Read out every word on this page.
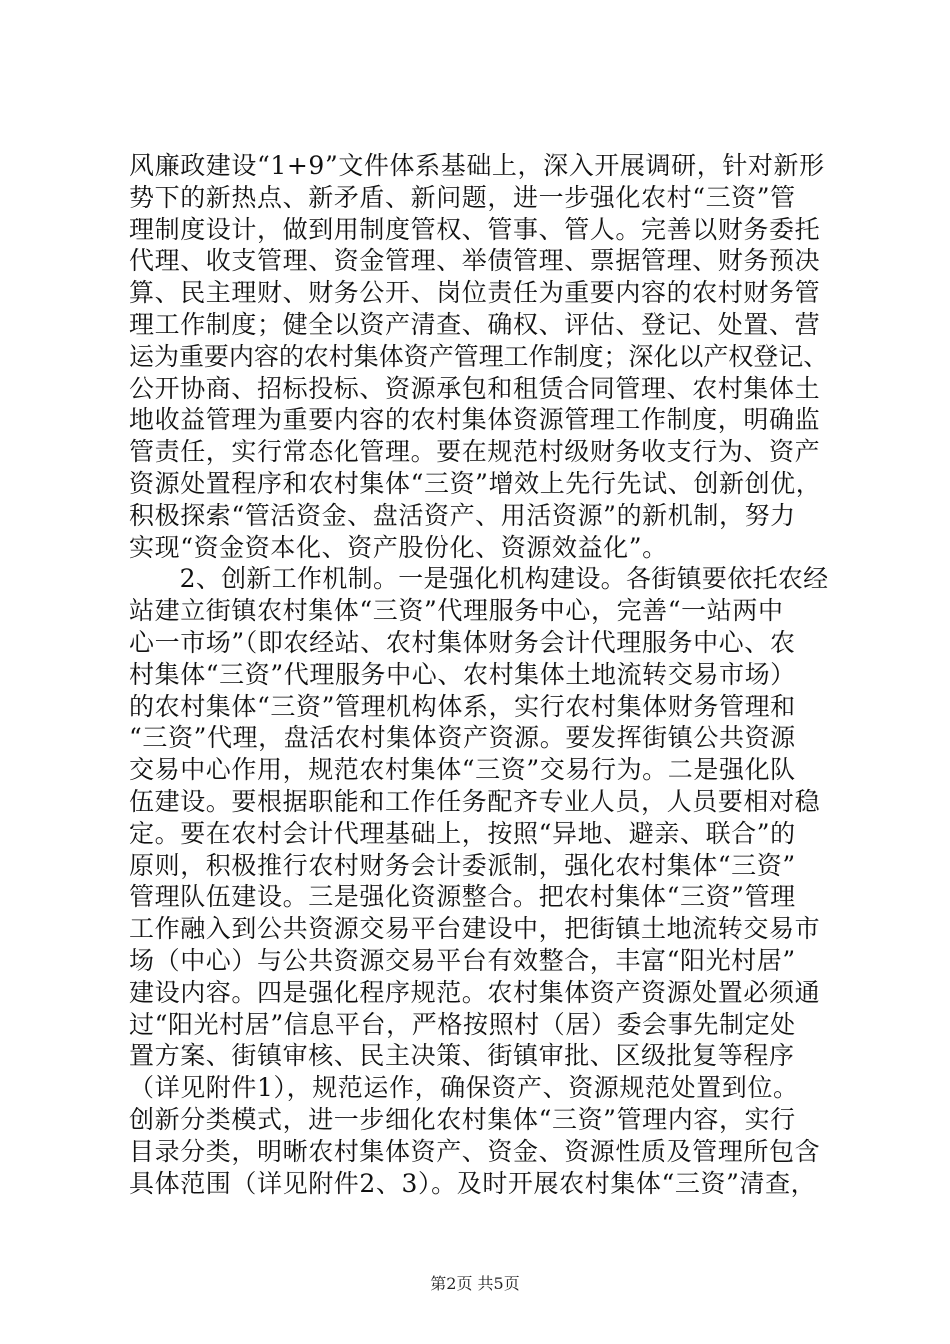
风廉政建设“1+9”文件体系基础上，深入开展调研，针对新形
势下的新热点、新矛盾、新问题，进一步强化农村“三资”管
理制度设计，做到用制度管权、管事、管人。完善以财务委托
代理、收支管理、资金管理、举债管理、票据管理、财务预决
算、民主理财、财务公开、岗位责任为重要内容的农村财务管
理工作制度；健全以资产清查、确权、评估、登记、处置、营
运为重要内容的农村集体资产管理工作制度；深化以产权登记、
公开协商、招标投标、资源承包和租赁合同管理、农村集体土
地收益管理为重要内容的农村集体资源管理工作制度，明确监
管责任，实行常态化管理。要在规范村级财务收支行为、资产
资源处置程序和农村集体“三资”增效上先行先试、创新创优，
积极探索“管活资金、盘活资产、用活资源”的新机制，努力
实现“资金资本化、资产股份化、资源效益化”。
　　2、创新工作机制。一是强化机构建设。各街镇要依托农经
站建立街镇农村集体“三资”代理服务中心，完善“一站两中
心一市场”（即农经站、农村集体财务会计代理服务中心、农
村集体“三资”代理服务中心、农村集体土地流转交易市场）
的农村集体“三资”管理机构体系，实行农村集体财务管理和
“三资”代理，盘活农村集体资产资源。要发挥街镇公共资源
交易中心作用，规范农村集体“三资”交易行为。二是强化队
伍建设。要根据职能和工作任务配齐专业人员，人员要相对稳
定。要在农村会计代理基础上，按照“异地、避亲、联合”的
原则，积极推行农村财务会计委派制，强化农村集体“三资”
管理队伍建设。三是强化资源整合。把农村集体“三资”管理
工作融入到公共资源交易平台建设中，把街镇土地流转交易市
场（中心）与公共资源交易平台有效整合，丰富“阳光村居”
建设内容。四是强化程序规范。农村集体资产资源处置必须通
过“阳光村居”信息平台，严格按照村（居）委会事先制定处
置方案、街镇审核、民主决策、街镇审批、区级批复等程序
（详见附件1），规范运作，确保资产、资源规范处置到位。
创新分类模式，进一步细化农村集体“三资”管理内容，实行
目录分类，明晰农村集体资产、资金、资源性质及管理所包含
具体范围（详见附件2、3）。及时开展农村集体“三资”清查，
第2页 共5页
